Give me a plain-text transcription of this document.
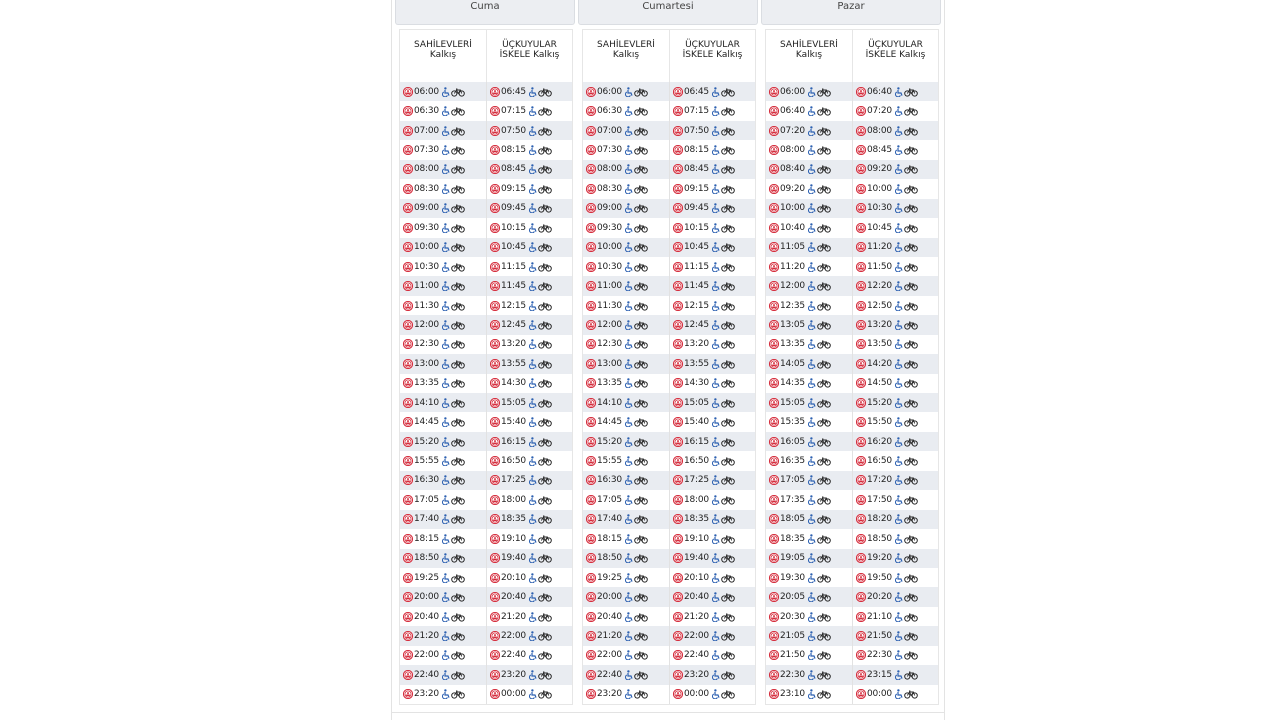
Cuma
SAHİLEVLERİ Kalkış
ÜÇKUYULAR İSKELE Kalkış
06:00	06:45
06:30	07:15
07:00	07:50
07:30	08:15
08:00	08:45
08:30	09:15
09:00	09:45
09:30	10:15
10:00	10:45
10:30	11:15
11:00	11:45
11:30	12:15
12:00	12:45
12:30	13:20
13:00	13:55
13:35	14:30
14:10	15:05
14:45	15:40
15:20	16:15
15:55	16:50
16:30	17:25
17:05	18:00
17:40	18:35
18:15	19:10
18:50	19:40
19:25	20:10
20:00	20:40
20:40	21:20
21:20	22:00
22:00	22:40
22:40	23:20
23:20	00:00
Cumartesi
SAHİLEVLERİ Kalkış
ÜÇKUYULAR İSKELE Kalkış
06:00	06:45
06:30	07:15
07:00	07:50
07:30	08:15
08:00	08:45
08:30	09:15
09:00	09:45
09:30	10:15
10:00	10:45
10:30	11:15
11:00	11:45
11:30	12:15
12:00	12:45
12:30	13:20
13:00	13:55
13:35	14:30
14:10	15:05
14:45	15:40
15:20	16:15
15:55	16:50
16:30	17:25
17:05	18:00
17:40	18:35
18:15	19:10
18:50	19:40
19:25	20:10
20:00	20:40
20:40	21:20
21:20	22:00
22:00	22:40
22:40	23:20
23:20	00:00
Pazar
SAHİLEVLERİ Kalkış
ÜÇKUYULAR İSKELE Kalkış
06:00	06:40
06:40	07:20
07:20	08:00
08:00	08:45
08:40	09:20
09:20	10:00
10:00	10:30
10:40	10:45
11:05	11:20
11:20	11:50
12:00	12:20
12:35	12:50
13:05	13:20
13:35	13:50
14:05	14:20
14:35	14:50
15:05	15:20
15:35	15:50
16:05	16:20
16:35	16:50
17:05	17:20
17:35	17:50
18:05	18:20
18:35	18:50
19:05	19:20
19:30	19:50
20:05	20:20
20:30	21:10
21:05	21:50
21:50	22:30
22:30	23:15
23:10	00:00
